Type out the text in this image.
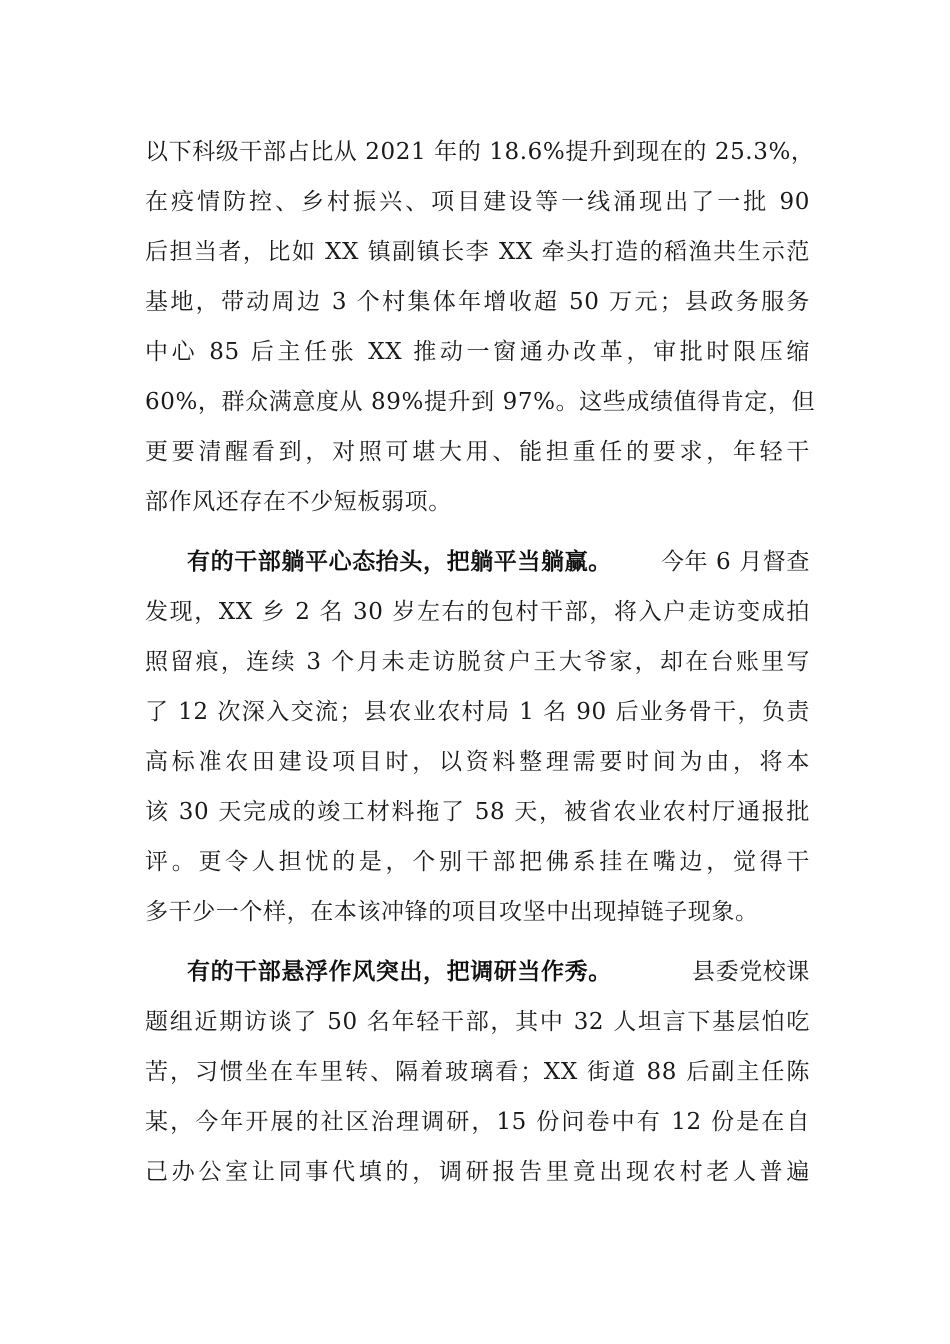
以下科级干部占比从 2021 年的 18.6%提升到现在的 25.3%，
在疫情防控、乡村振兴、项目建设等一线涌现出了一批 90
后担当者，比如 XX 镇副镇长李 XX 牵头打造的稻渔共生示范
基地，带动周边 3 个村集体年增收超 50 万元；县政务服务
中心 85 后主任张 XX 推动一窗通办改革，审批时限压缩
60%，群众满意度从 89%提升到 97%。这些成绩值得肯定，但
更要清醒看到，对照可堪大用、能担重任的要求，年轻干
部作风还存在不少短板弱项。
有的干部躺平心态抬头，把躺平当躺赢。 今年 6 月督查
发现，XX 乡 2 名 30 岁左右的包村干部，将入户走访变成拍
照留痕，连续 3 个月未走访脱贫户王大爷家，却在台账里写
了 12 次深入交流；县农业农村局 1 名 90 后业务骨干，负责
高标准农田建设项目时，以资料整理需要时间为由，将本
该 30 天完成的竣工材料拖了 58 天，被省农业农村厅通报批
评。更令人担忧的是，个别干部把佛系挂在嘴边，觉得干
多干少一个样，在本该冲锋的项目攻坚中出现掉链子现象。
有的干部悬浮作风突出，把调研当作秀。	县委党校课
题组近期访谈了 50 名年轻干部，其中 32 人坦言下基层怕吃
苦，习惯坐在车里转、隔着玻璃看；XX 街道 88 后副主任陈
某，今年开展的社区治理调研，15 份问卷中有 12 份是在自
己办公室让同事代填的，调研报告里竟出现农村老人普遍
